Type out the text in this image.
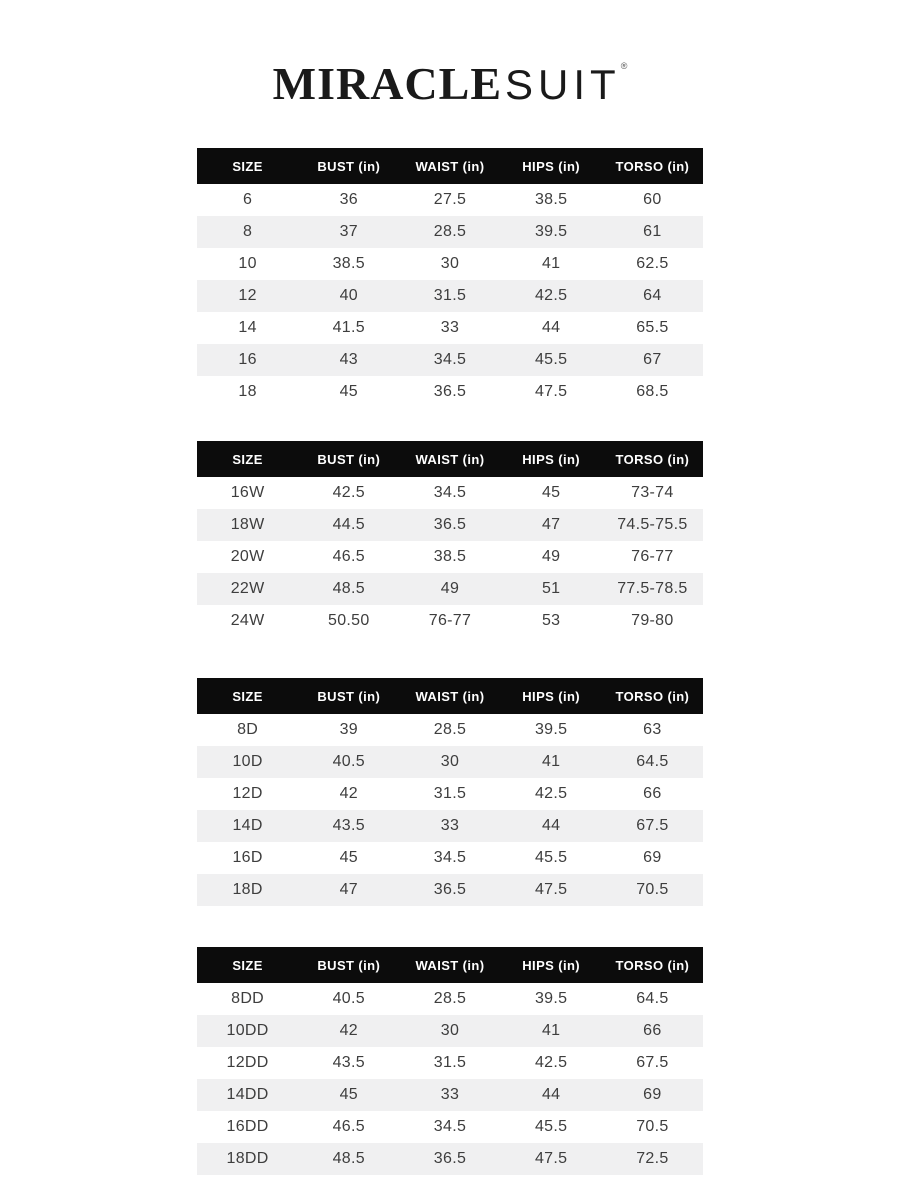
MIRACLESUIT®
SIZE	BUST (in)	WAIST (in)	HIPS (in)	TORSO (in)
6	36	27.5	38.5	60
8	37	28.5	39.5	61
10	38.5	30	41	62.5
12	40	31.5	42.5	64
14	41.5	33	44	65.5
16	43	34.5	45.5	67
18	45	36.5	47.5	68.5
SIZE	BUST (in)	WAIST (in)	HIPS (in)	TORSO (in)
16W	42.5	34.5	45	73-74
18W	44.5	36.5	47	74.5-75.5
20W	46.5	38.5	49	76-77
22W	48.5	49	51	77.5-78.5
24W	50.50	76-77	53	79-80
SIZE	BUST (in)	WAIST (in)	HIPS (in)	TORSO (in)
8D	39	28.5	39.5	63
10D	40.5	30	41	64.5
12D	42	31.5	42.5	66
14D	43.5	33	44	67.5
16D	45	34.5	45.5	69
18D	47	36.5	47.5	70.5
SIZE	BUST (in)	WAIST (in)	HIPS (in)	TORSO (in)
8DD	40.5	28.5	39.5	64.5
10DD	42	30	41	66
12DD	43.5	31.5	42.5	67.5
14DD	45	33	44	69
16DD	46.5	34.5	45.5	70.5
18DD	48.5	36.5	47.5	72.5
